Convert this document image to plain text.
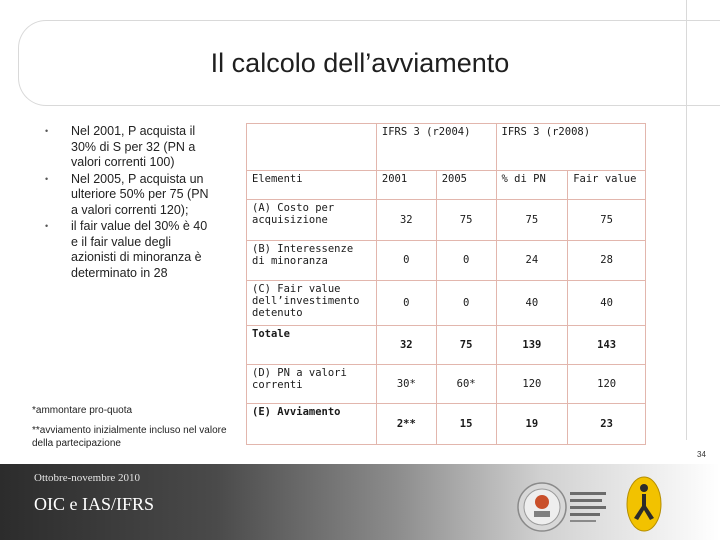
Il calcolo dell’avviamento
•	Nel 2001, P acquista il 30% di S per 32 (PN a valori correnti 100)
•	Nel 2005, P acquista un ulteriore 50% per 75 (PN a valori correnti 120);
•	il fair value del 30% è 40 e il fair value degli azionisti di minoranza è determinato in 28
*ammontare pro-quota
**avviamento inizialmente incluso nel valore della partecipazione
	IFRS 3 (r2004)		IFRS 3 (r2008)	
Elementi	2001	2005	% di PN	Fair value
(A) Costo per acquisizione	32	75	75	75
(B) Interessenze di minoranza	0	0	24	28
(C) Fair value dell’investimento detenuto	0	0	40	40
Totale	32	75	139	143
(D) PN a valori correnti	30*	60*	120	120
(E) Avviamento	2**	15	19	23
34
Ottobre-novembre 2010
OIC e IAS/IFRS
